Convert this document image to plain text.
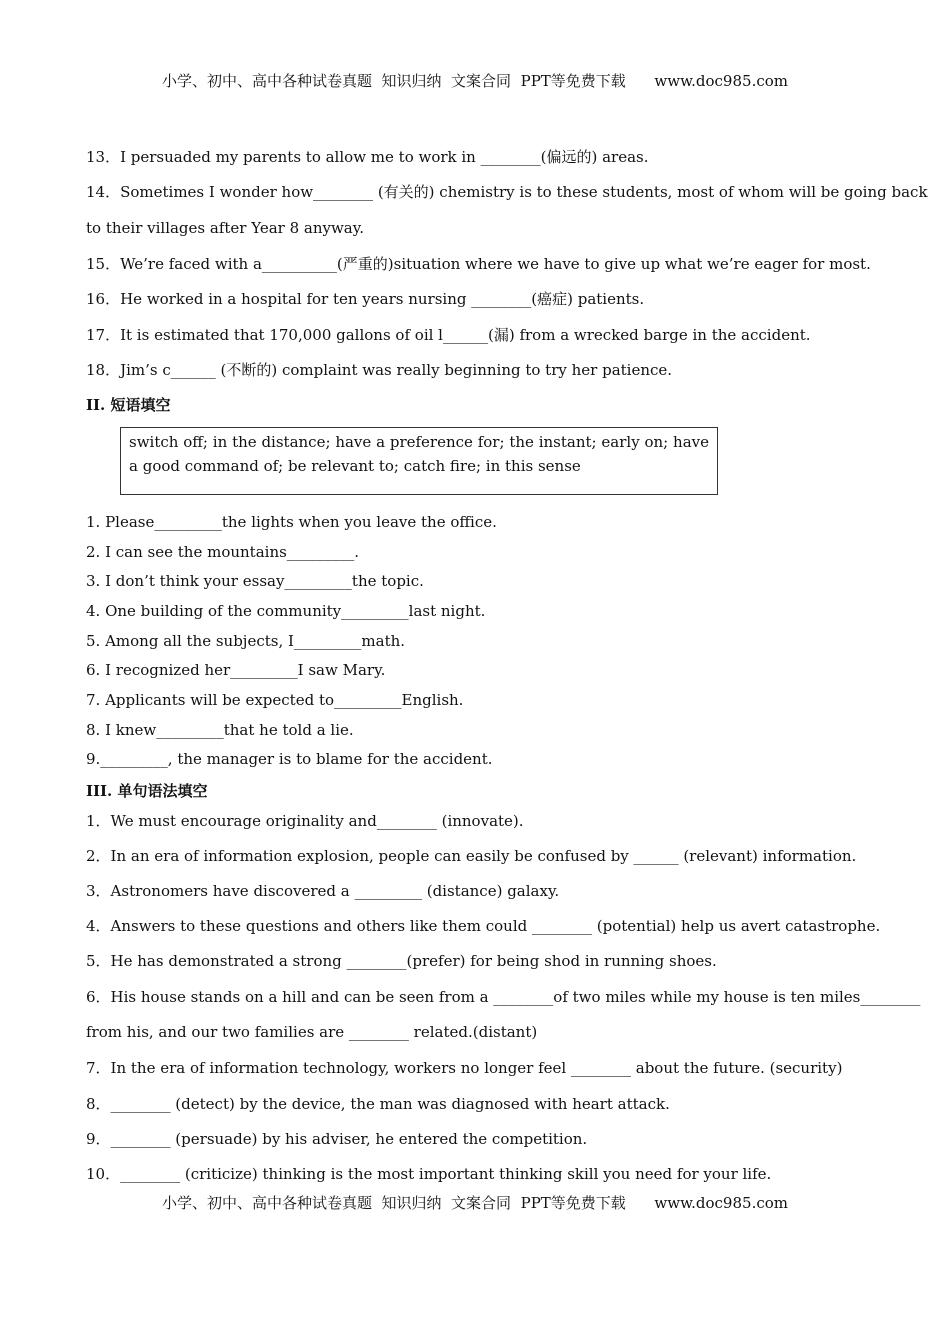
小学、初中、高中各种试卷真题  知识归纳  文案合同  PPT等免费下载      www.doc985.com
13．I persuaded my parents to allow me to work in ________(偏远的) areas.
14．Sometimes I wonder how________ (有关的) chemistry is to these students, most of whom will be going back
to their villages after Year 8 anyway.
15．We’re faced with a__________(严重的)situation where we have to give up what we’re eager for most.
16．He worked in a hospital for ten years nursing ________(癌症) patients.
17．It is estimated that 170,000 gallons of oil l______(漏) from a wrecked barge in the accident.
18．Jim’s c______ (不断的) complaint was really beginning to try her patience.
II. 短语填空
switch off; in the distance; have a preference for; the instant; early on; have a good command of; be relevant to; catch fire; in this sense
1. Please_________the lights when you leave the office.
2. I can see the mountains_________.
3. I don’t think your essay_________the topic.
4. One building of the community_________last night.
5. Among all the subjects, I_________math.
6. I recognized her_________I saw Mary.
7. Applicants will be expected to_________English.
8. I knew_________that he told a lie.
9._________, the manager is to blame for the accident.
III. 单句语法填空
1．We must encourage originality and________ (innovate).
2．In an era of information explosion, people can easily be confused by ______ (relevant) information.
3．Astronomers have discovered a _________ (distance) galaxy.
4．Answers to these questions and others like them could ________ (potential) help us avert catastrophe.
5．He has demonstrated a strong ________(prefer) for being shod in running shoes.
6．His house stands on a hill and can be seen from a ________of two miles while my house is ten miles________
from his, and our two families are ________ related.(distant)
7．In the era of information technology, workers no longer feel ________ about the future. (security)
8．________ (detect) by the device, the man was diagnosed with heart attack.
9．________ (persuade) by his adviser, he entered the competition.
10．________ (criticize) thinking is the most important thinking skill you need for your life.
小学、初中、高中各种试卷真题  知识归纳  文案合同  PPT等免费下载      www.doc985.com
